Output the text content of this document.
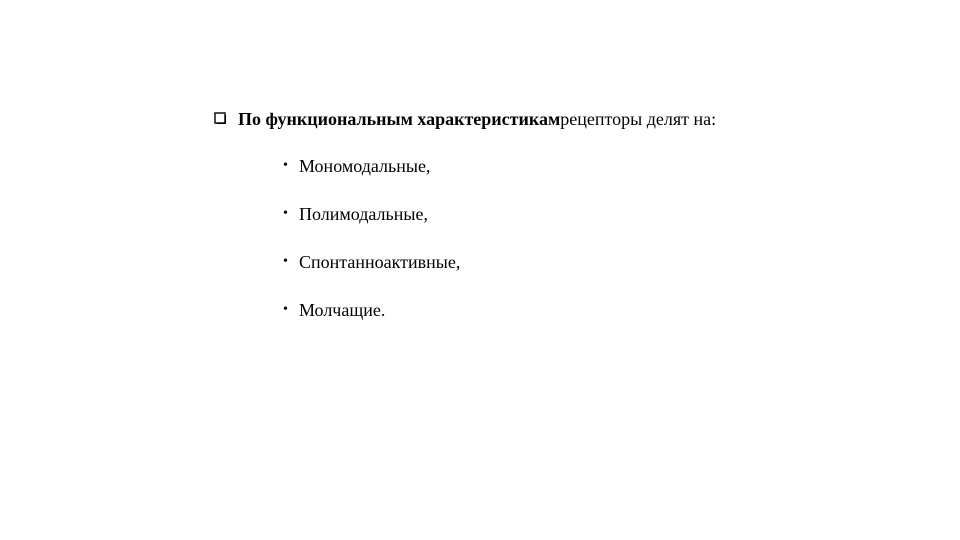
По функциональным характеристикам рецепторы делят на:
• Мономодальные,
• Полимодальные,
• Спонтанноактивные,
• Молчащие.
